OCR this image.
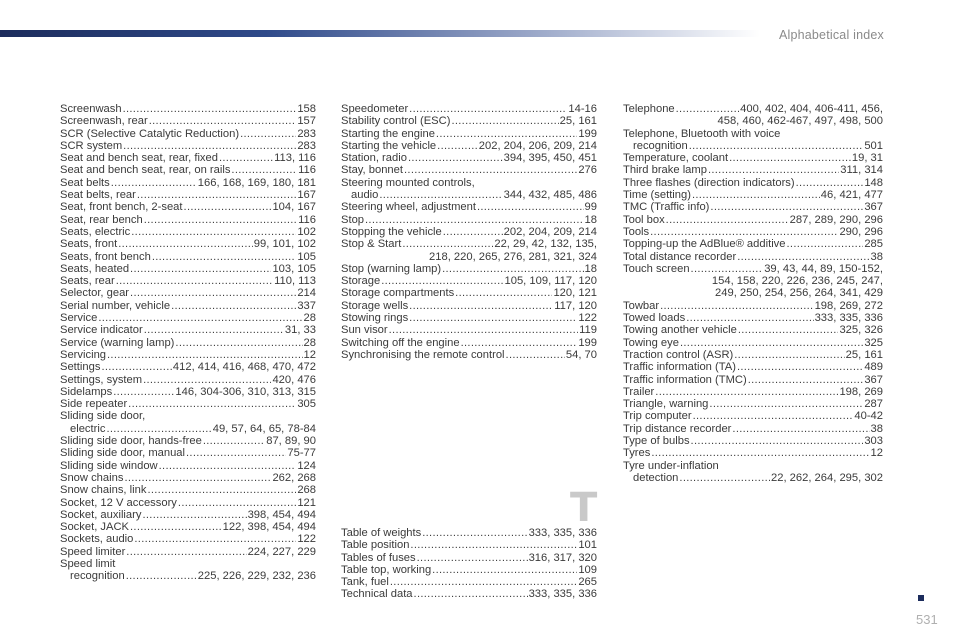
Alphabetical index
Screenwash .....	158
Screenwash, rear .....	157
SCR (Selective Catalytic Reduction) .....	283
SCR system .....	283
Seat and bench seat, rear, fixed .....	113, 116
Seat and bench seat, rear, on rails .....	116
Seat belts .....	166, 168, 169, 180, 181
Seat belts, rear .....	167
Seat, front bench, 2-seat .....	104, 167
Seat, rear bench .....	116
Seats, electric .....	102
Seats, front .....	99, 101, 102
Seats, front bench .....	105
Seats, heated .....	103, 105
Seats, rear .....	110, 113
Selector, gear .....	214
Serial number, vehicle .....	337
Service .....	28
Service indicator .....	31, 33
Service (warning lamp) .....	28
Servicing .....	12
Settings .....	412, 414, 416, 468, 470, 472
Settings, system .....	420, 476
Sidelamps .....	146, 304-306, 310, 313, 315
Side repeater .....	305
Sliding side door,
electric .....	49, 57, 64, 65, 78-84
Sliding side door, hands-free .....	87, 89, 90
Sliding side door, manual .....	75-77
Sliding side window .....	124
Snow chains .....	262, 268
Snow chains, link .....	268
Socket, 12 V accessory .....	121
Socket, auxiliary .....	398, 454, 494
Socket, JACK .....	122, 398, 454, 494
Sockets, audio .....	122
Speed limiter .....	224, 227, 229
Speed limit
recognition .....	225, 226, 229, 232, 236
Speedometer .....	14-16
Stability control (ESC) .....	25, 161
Starting the engine .....	199
Starting the vehicle .....	202, 204, 206, 209, 214
Station, radio .....	394, 395, 450, 451
Stay, bonnet .....	276
Steering mounted controls,
audio .....	344, 432, 485, 486
Steering wheel, adjustment .....	99
Stop .....	18
Stopping the vehicle .....	202, 204, 209, 214
Stop & Start .....	22, 29, 42, 132, 135,
218, 220, 265, 276, 281, 321, 324
Stop (warning lamp) .....	18
Storage .....	105, 109, 117, 120
Storage compartments .....	120, 121
Storage wells .....	117, 120
Stowing rings .....	122
Sun visor .....	119
Switching off the engine .....	199
Synchronising the remote control .....	54, 70
T
Table of weights .....	333, 335, 336
Table position .....	101
Tables of fuses .....	316, 317, 320
Table top, working .....	109
Tank, fuel .....	265
Technical data .....	333, 335, 336
Telephone .....	400, 402, 404, 406-411, 456,
458, 460, 462-467, 497, 498, 500
Telephone, Bluetooth with voice
recognition .....	501
Temperature, coolant .....	19, 31
Third brake lamp .....	311, 314
Three flashes (direction indicators) .....	148
Time (setting) .....	46, 421, 477
TMC (Traffic info) .....	367
Tool box .....	287, 289, 290, 296
Tools .....	290, 296
Topping-up the AdBlue® additive .....	285
Total distance recorder .....	38
Touch screen .....	39, 43, 44, 89, 150-152,
154, 158, 220, 226, 236, 245, 247,
249, 250, 254, 256, 264, 341, 429
Towbar .....	198, 269, 272
Towed loads .....	333, 335, 336
Towing another vehicle .....	325, 326
Towing eye .....	325
Traction control (ASR) .....	25, 161
Traffic information (TA) .....	489
Traffic information (TMC) .....	367
Trailer .....	198, 269
Triangle, warning .....	287
Trip computer .....	40-42
Trip distance recorder .....	38
Type of bulbs .....	303
Tyres .....	12
Tyre under-inflation
detection .....	22, 262, 264, 295, 302
531
